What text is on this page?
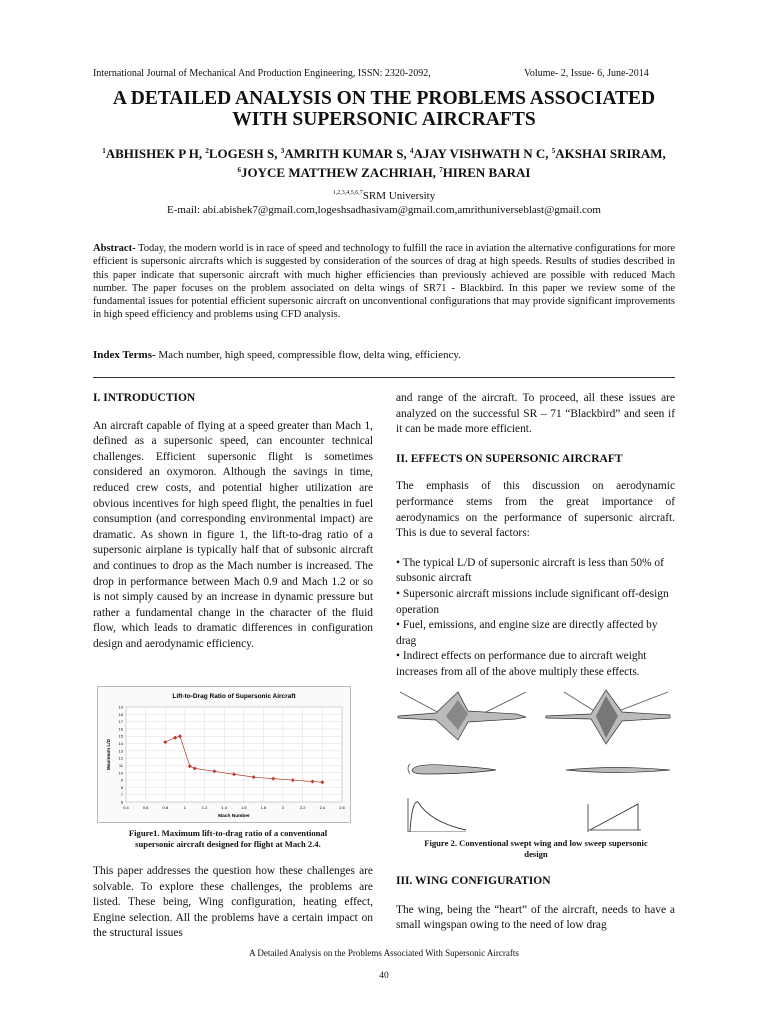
International Journal of Mechanical And Production Engineering, ISSN: 2320-2092,	Volume- 2, Issue- 6, June-2014
A DETAILED ANALYSIS ON THE PROBLEMS ASSOCIATED
WITH SUPERSONIC AIRCRAFTS
$^1$ABHISHEK P H, $^2$LOGESH S, $^3$AMRITH KUMAR S, $^4$AJAY VISHWATH N C, $^5$AKSHAI SRIRAM,
$^6$JOYCE MATTHEW ZACHRIAH, $^7$HIREN BARAI
$^{1,2,3,4,5,6,7}$SRM University
E-mail: abi.abishek7@gmail.com,logeshsadhasivam@gmail.com,amrithuniverseblast@gmail.com
Abstract- Today, the modern world is in race of speed and technology to fulfill the race in aviation the alternative configurations for more efficient is supersonic aircrafts which is suggested by consideration of the sources of drag at high speeds. Results of studies described in this paper indicate that supersonic aircraft with much higher efficiencies than previously achieved are possible with reduced Mach number. The paper focuses on the problem associated on delta wings of SR71 - Blackbird. In this paper we review some of the fundamental issues for potential efficient supersonic aircraft on unconventional configurations that may provide significant improvements in high speed efficiency and problems using CFD analysis.
Index Terms- Mach number, high speed, compressible flow, delta wing, efficiency.
I. INTRODUCTION

An aircraft capable of flying at a speed greater than Mach 1, defined as a supersonic speed, can encounter technical challenges. Efficient supersonic flight is sometimes considered an oxymoron. Although the savings in time, reduced crew costs, and potential higher utilization are obvious incentives for high speed flight, the penalties in fuel consumption (and corresponding environmental impact) are dramatic. As shown in figure 1, the lift-to-drag ratio of a supersonic airplane is typically half that of subsonic aircraft and continues to drop as the Mach number is increased. The drop in performance between Mach 0.9 and Mach 1.2 or so is not simply caused by an increase in dynamic pressure but rather a fundamental change in the character of the fluid flow, which leads to dramatic differences in configuration design and aerodynamic efficiency.

Lift-to-Drag Ratio of Supersonic Aircraft
6
7
8
9
10
11
12
13
14
15
16
17
18
19
0.4	0.6	0.8	1	1.2	1.4	1.6	1.8	2	2.2	2.4	2.6
Mach Number
Maximum L/D
Figure1. Maximum lift-to-drag ratio of a conventional
supersonic aircraft designed for flight at Mach 2.4.

This paper addresses the question how these challenges are solvable. To explore these challenges, the problems are listed. These being, Wing configuration, heating effect, Engine selection. All the problems have a certain impact on the structural issues

and range of the aircraft. To proceed, all these issues are analyzed on the successful SR – 71 “Blackbird” and seen if it can be made more efficient.

II. EFFECTS ON SUPERSONIC AIRCRAFT

The emphasis of this discussion on aerodynamic performance stems from the great importance of aerodynamics on the performance of supersonic aircraft. This is due to several factors:

• The typical L/D of supersonic aircraft is less than 50% of subsonic aircraft

• Supersonic aircraft missions include significant off-design operation

• Fuel, emissions, and engine size are directly affected by drag

• Indirect effects on performance due to aircraft weight increases from all of the above multiply these effects.

Figure 2. Conventional swept wing and low sweep supersonic
design
III. WING CONFIGURATION

The wing, being the “heart” of the aircraft, needs to have a small wingspan owing to the need of low drag

A Detailed Analysis on the Problems Associated With Supersonic Aircrafts
40
